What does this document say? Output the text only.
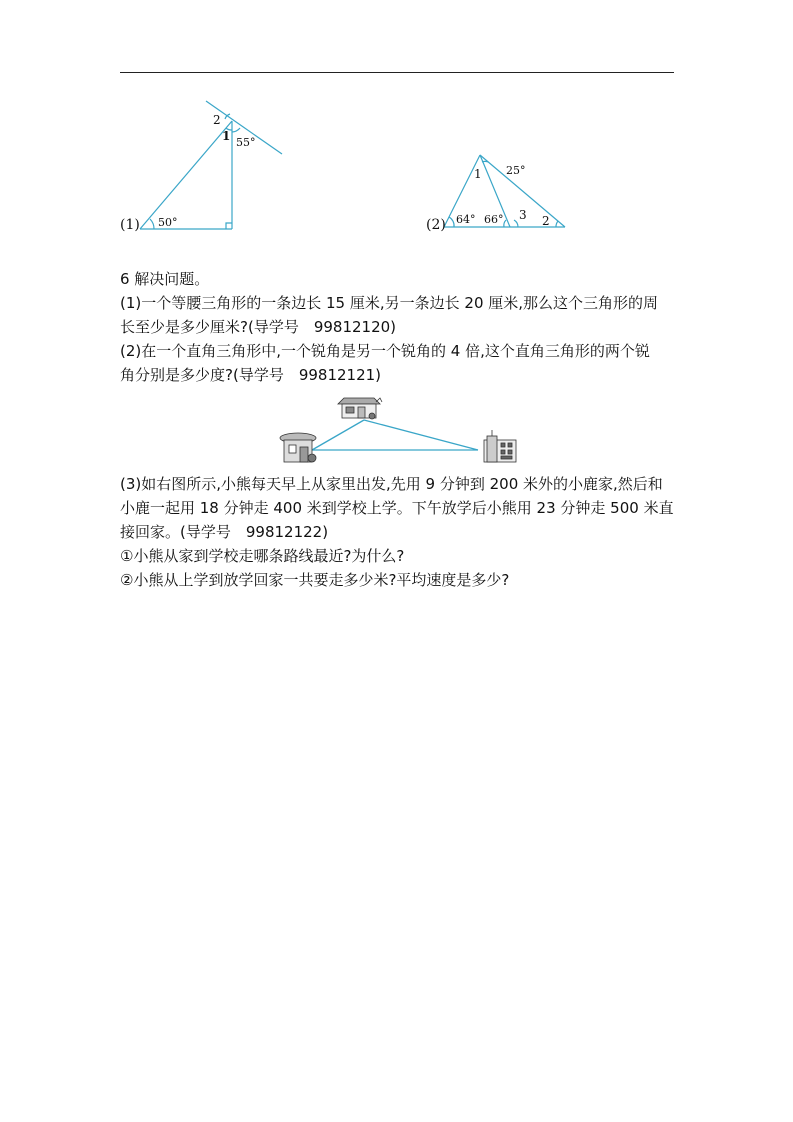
50°
55°
2
1
(1)	64° 66°
25°
1
2
3
(2)

6 解决问题。

(1)一个等腰三角形的一条边长 15 厘米,另一条边长 20 厘米,那么这个三角形的周

长至少是多少厘米?(导学号　99812120)

(2)在一个直角三角形中,一个锐角是另一个锐角的 4 倍,这个直角三角形的两个锐

角分别是多少度?(导学号　99812121)

(3)如右图所示,小熊每天早上从家里出发,先用 9 分钟到 200 米外的小鹿家,然后和

小鹿一起用 18 分钟走 400 米到学校上学。下午放学后小熊用 23 分钟走 500 米直

接回家。(导学号　99812122)

①小熊从家到学校走哪条路线最近?为什么?

②小熊从上学到放学回家一共要走多少米?平均速度是多少?
